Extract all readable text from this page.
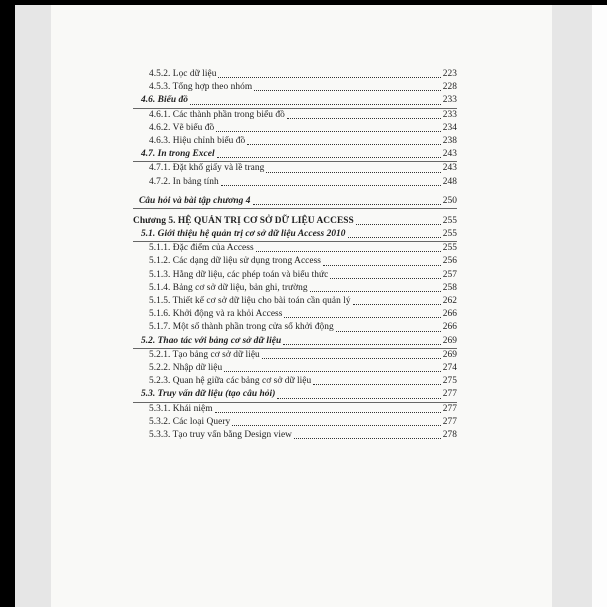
4.5.2. Lọc dữ liệu	223
4.5.3. Tổng hợp theo nhóm	228
4.6. Biểu đồ	233
4.6.1. Các thành phần trong biểu đồ	233
4.6.2. Vẽ biểu đồ	234
4.6.3. Hiệu chỉnh biểu đồ	238
4.7. In trong Excel	243
4.7.1. Đặt khổ giấy và lề trang	243
4.7.2. In bảng tính	248
Câu hỏi và bài tập chương 4	250
Chương 5. HỆ QUẢN TRỊ CƠ SỞ DỮ LIỆU ACCESS	255
5.1. Giới thiệu hệ quản trị cơ sở dữ liệu Access 2010	255
5.1.1. Đặc điểm của Access	255
5.1.2. Các dạng dữ liệu sử dụng trong Access	256
5.1.3. Hằng dữ liệu, các phép toán và biểu thức	257
5.1.4. Bảng cơ sở dữ liệu, bản ghi, trường	258
5.1.5. Thiết kế cơ sở dữ liệu cho bài toán cần quản lý	262
5.1.6. Khởi động và ra khỏi Access	266
5.1.7. Một số thành phần trong cửa sổ khởi động	266
5.2. Thao tác với bảng cơ sở dữ liệu	269
5.2.1. Tạo bảng cơ sở dữ liệu	269
5.2.2. Nhập dữ liệu	274
5.2.3. Quan hệ giữa các bảng cơ sở dữ liệu	275
5.3. Truy vấn dữ liệu (tạo câu hỏi)	277
5.3.1. Khái niệm	277
5.3.2. Các loại Query	277
5.3.3. Tạo truy vấn bằng Design view	278
